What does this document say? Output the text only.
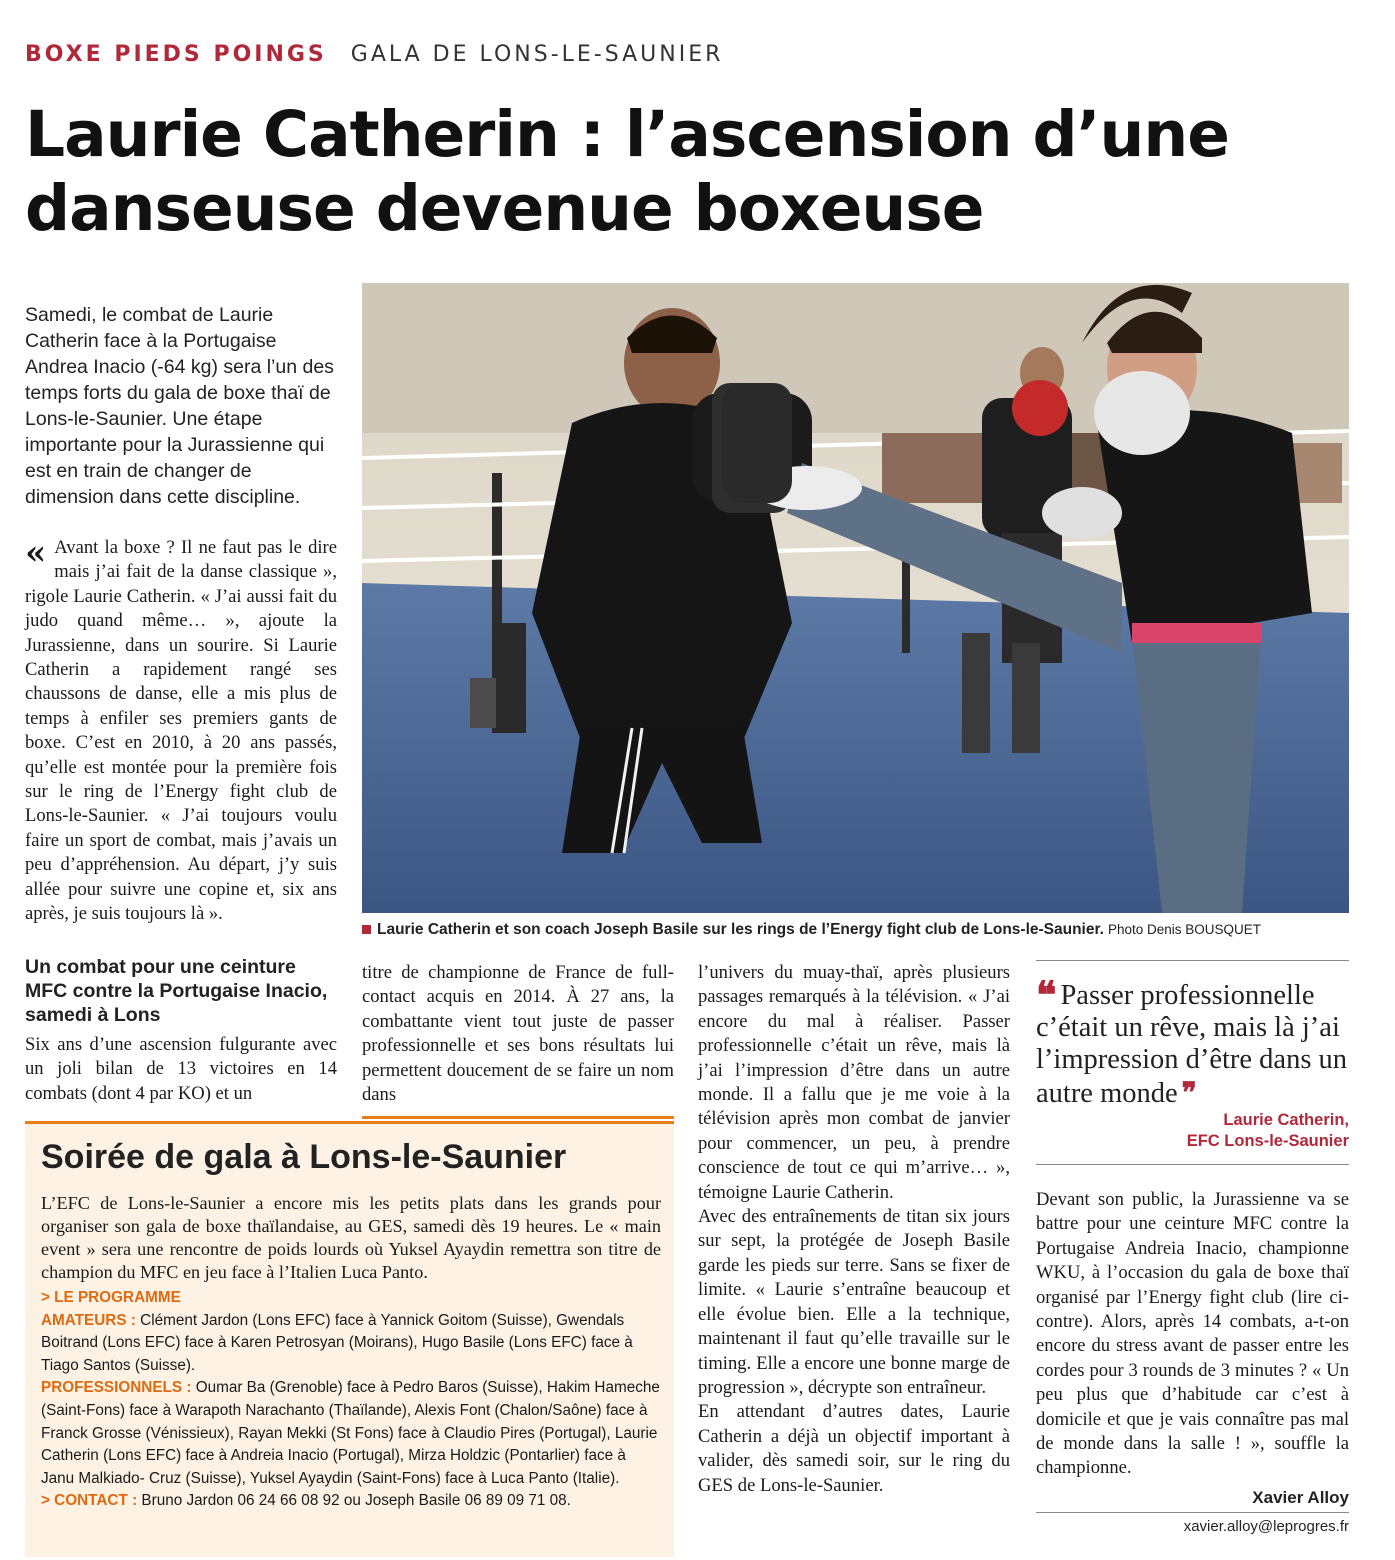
BOXE PIEDS POINGS GALA DE LONS-LE-SAUNIER
Laurie Catherin : l’ascension d’une danseuse devenue boxeuse
Samedi, le combat de Laurie Catherin face à la Portugaise Andrea Inacio (-64 kg) sera l’un des temps forts du gala de boxe thaï de Lons-le-Saunier. Une étape importante pour la Jurassienne qui est en train de changer de dimension dans cette discipline.
Laurie Catherin et son coach Joseph Basile sur les rings de l’Energy fight club de Lons-le-Saunier. Photo Denis BOUSQUET
« Avant la boxe ? Il ne faut pas le dire mais j’ai fait de la danse classique », rigole Laurie Catherin. « J’ai aussi fait du judo quand même… », ajoute la Jurassienne, dans un sourire. Si Laurie Catherin a rapidement rangé ses chaussons de danse, elle a mis plus de temps à enfiler ses premiers gants de boxe. C’est en 2010, à 20 ans passés, qu’elle est montée pour la première fois sur le ring de l’Energy fight club de Lons-le-Saunier. « J’ai toujours voulu faire un sport de combat, mais j’avais un peu d’appréhension. Au départ, j’y suis allée pour suivre une copine et, six ans après, je suis toujours là ».

Un combat pour une ceinture MFC contre la Portugaise Inacio, samedi à Lons

Six ans d’une ascension fulgurante avec un joli bilan de 13 victoires en 14 combats (dont 4 par KO) et un

titre de championne de France de full-contact acquis en 2014. À 27 ans, la combattante vient tout juste de passer professionnelle et ses bons résultats lui permettent doucement de se faire un nom dans

l’univers du muay-thaï, après plusieurs passages remarqués à la télévision. « J’ai encore du mal à réaliser. Passer professionnelle c’était un rêve, mais là j’ai l’impression d’être dans un autre monde. Il a fallu que je me voie à la télévision après mon combat de janvier pour commencer, un peu, à prendre conscience de tout ce qui m’arrive… », témoigne Laurie Catherin.

Avec des entraînements de titan six jours sur sept, la protégée de Joseph Basile garde les pieds sur terre. Sans se fixer de limite. « Laurie s’entraîne beaucoup et elle évolue bien. Elle a la technique, maintenant il faut qu’elle travaille sur le timing. Elle a encore une bonne marge de progression », décrypte son entraîneur.

En attendant d’autres dates, Laurie Catherin a déjà un objectif important à valider, dès samedi soir, sur le ring du GES de Lons-le-Saunier.

❝ Passer professionnelle c’était un rêve, mais là j’ai l’impression d’être dans un autre monde ❞
Laurie Catherin,
EFC Lons-le-Saunier

Devant son public, la Jurassienne va se battre pour une ceinture MFC contre la Portugaise Andreia Inacio, championne WKU, à l’occasion du gala de boxe thaï organisé par l’Energy fight club (lire ci-contre). Alors, après 14 combats, a-t-on encore du stress avant de passer entre les cordes pour 3 rounds de 3 minutes ? « Un peu plus que d’habitude car c’est à domicile et que je vais connaître pas mal de monde dans la salle ! », souffle la championne.

Xavier Alloy
xavier.alloy@leprogres.fr
Soirée de gala à Lons-le-Saunier
L’EFC de Lons-le-Saunier a encore mis les petits plats dans les grands pour organiser son gala de boxe thaïlandaise, au GES, samedi dès 19 heures. Le « main event » sera une rencontre de poids lourds où Yuksel Ayaydin remettra son titre de champion du MFC en jeu face à l’Italien Luca Panto.
> LE PROGRAMME
AMATEURS : Clément Jardon (Lons EFC) face à Yannick Goitom (Suisse), Gwendals Boitrand (Lons EFC) face à Karen Petrosyan (Moirans), Hugo Basile (Lons EFC) face à Tiago Santos (Suisse).
PROFESSIONNELS : Oumar Ba (Grenoble) face à Pedro Baros (Suisse), Hakim Hameche (Saint-Fons) face à Warapoth Narachanto (Thaïlande), Alexis Font (Chalon/Saône) face à Franck Grosse (Vénissieux), Rayan Mekki (St Fons) face à Claudio Pires (Portugal), Laurie Catherin (Lons EFC) face à Andreia Inacio (Portugal), Mirza Holdzic (Pontarlier) face à Janu Malkiado- Cruz (Suisse), Yuksel Ayaydin (Saint-Fons) face à Luca Panto (Italie).
> CONTACT : Bruno Jardon 06 24 66 08 92 ou Joseph Basile 06 89 09 71 08.
